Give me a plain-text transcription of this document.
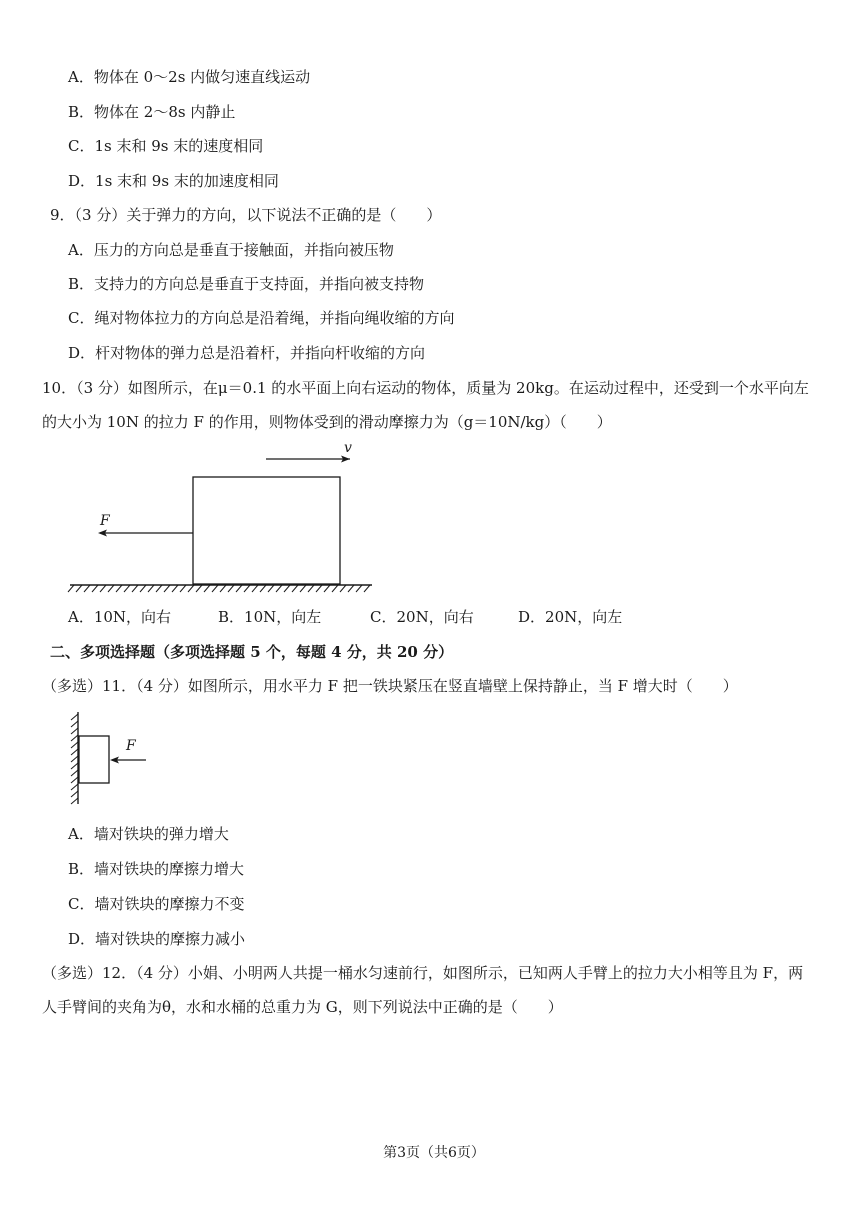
A．物体在 0～2s 内做匀速直线运动
B．物体在 2～8s 内静止
C．1s 末和 9s 末的速度相同
D．1s 末和 9s 末的加速度相同
9．（3 分）关于弹力的方向，以下说法不正确的是（　　）
A．压力的方向总是垂直于接触面，并指向被压物
B．支持力的方向总是垂直于支持面，并指向被支持物
C．绳对物体拉力的方向总是沿着绳，并指向绳收缩的方向
D．杆对物体的弹力总是沿着杆，并指向杆收缩的方向
10．（3 分）如图所示，在μ＝0.1 的水平面上向右运动的物体，质量为 20kg。在运动过程中，还受到一个水平向左
的大小为 10N 的拉力 F 的作用，则物体受到的滑动摩擦力为（g＝10N/kg）（　　）
v
F
A．10N，向右	B．10N，向左	C．20N，向右	D．20N，向左
二、多项选择题（多项选择题 5 个，每题 4 分，共 20 分）
（多选）11．（4 分）如图所示，用水平力 F 把一铁块紧压在竖直墙壁上保持静止，当 F 增大时（　　）
F
A．墙对铁块的弹力增大
B．墙对铁块的摩擦力增大
C．墙对铁块的摩擦力不变
D．墙对铁块的摩擦力减小
（多选）12．（4 分）小娟、小明两人共提一桶水匀速前行，如图所示，已知两人手臂上的拉力大小相等且为 F，两
人手臂间的夹角为θ，水和水桶的总重力为 G，则下列说法中正确的是（　　）
第3页（共6页）
